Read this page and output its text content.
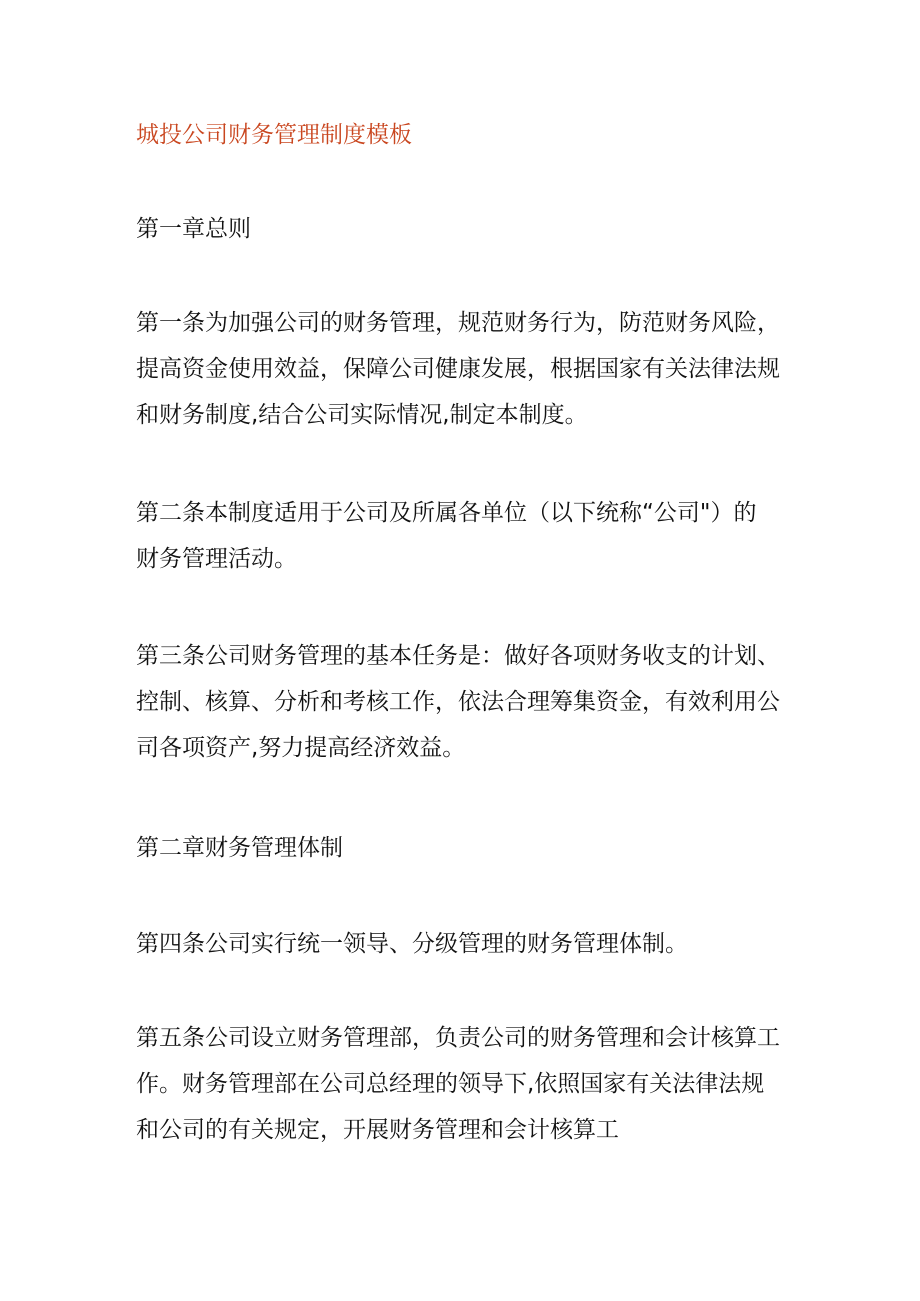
城投公司财务管理制度模板

第一章总则

第一条为加强公司的财务管理，规范财务行为，防范财务风险，
提高资金使用效益，保障公司健康发展，根据国家有关法律法规
和财务制度,结合公司实际情况,制定本制度。

第二条本制度适用于公司及所属各单位（以下统称“公司"）的
财务管理活动。

第三条公司财务管理的基本任务是：做好各项财务收支的计划、
控制、核算、分析和考核工作，依法合理筹集资金，有效利用公
司各项资产,努力提高经济效益。

第二章财务管理体制

第四条公司实行统一领导、分级管理的财务管理体制。

第五条公司设立财务管理部，负责公司的财务管理和会计核算工
作。财务管理部在公司总经理的领导下,依照国家有关法律法规
和公司的有关规定，开展财务管理和会计核算工
